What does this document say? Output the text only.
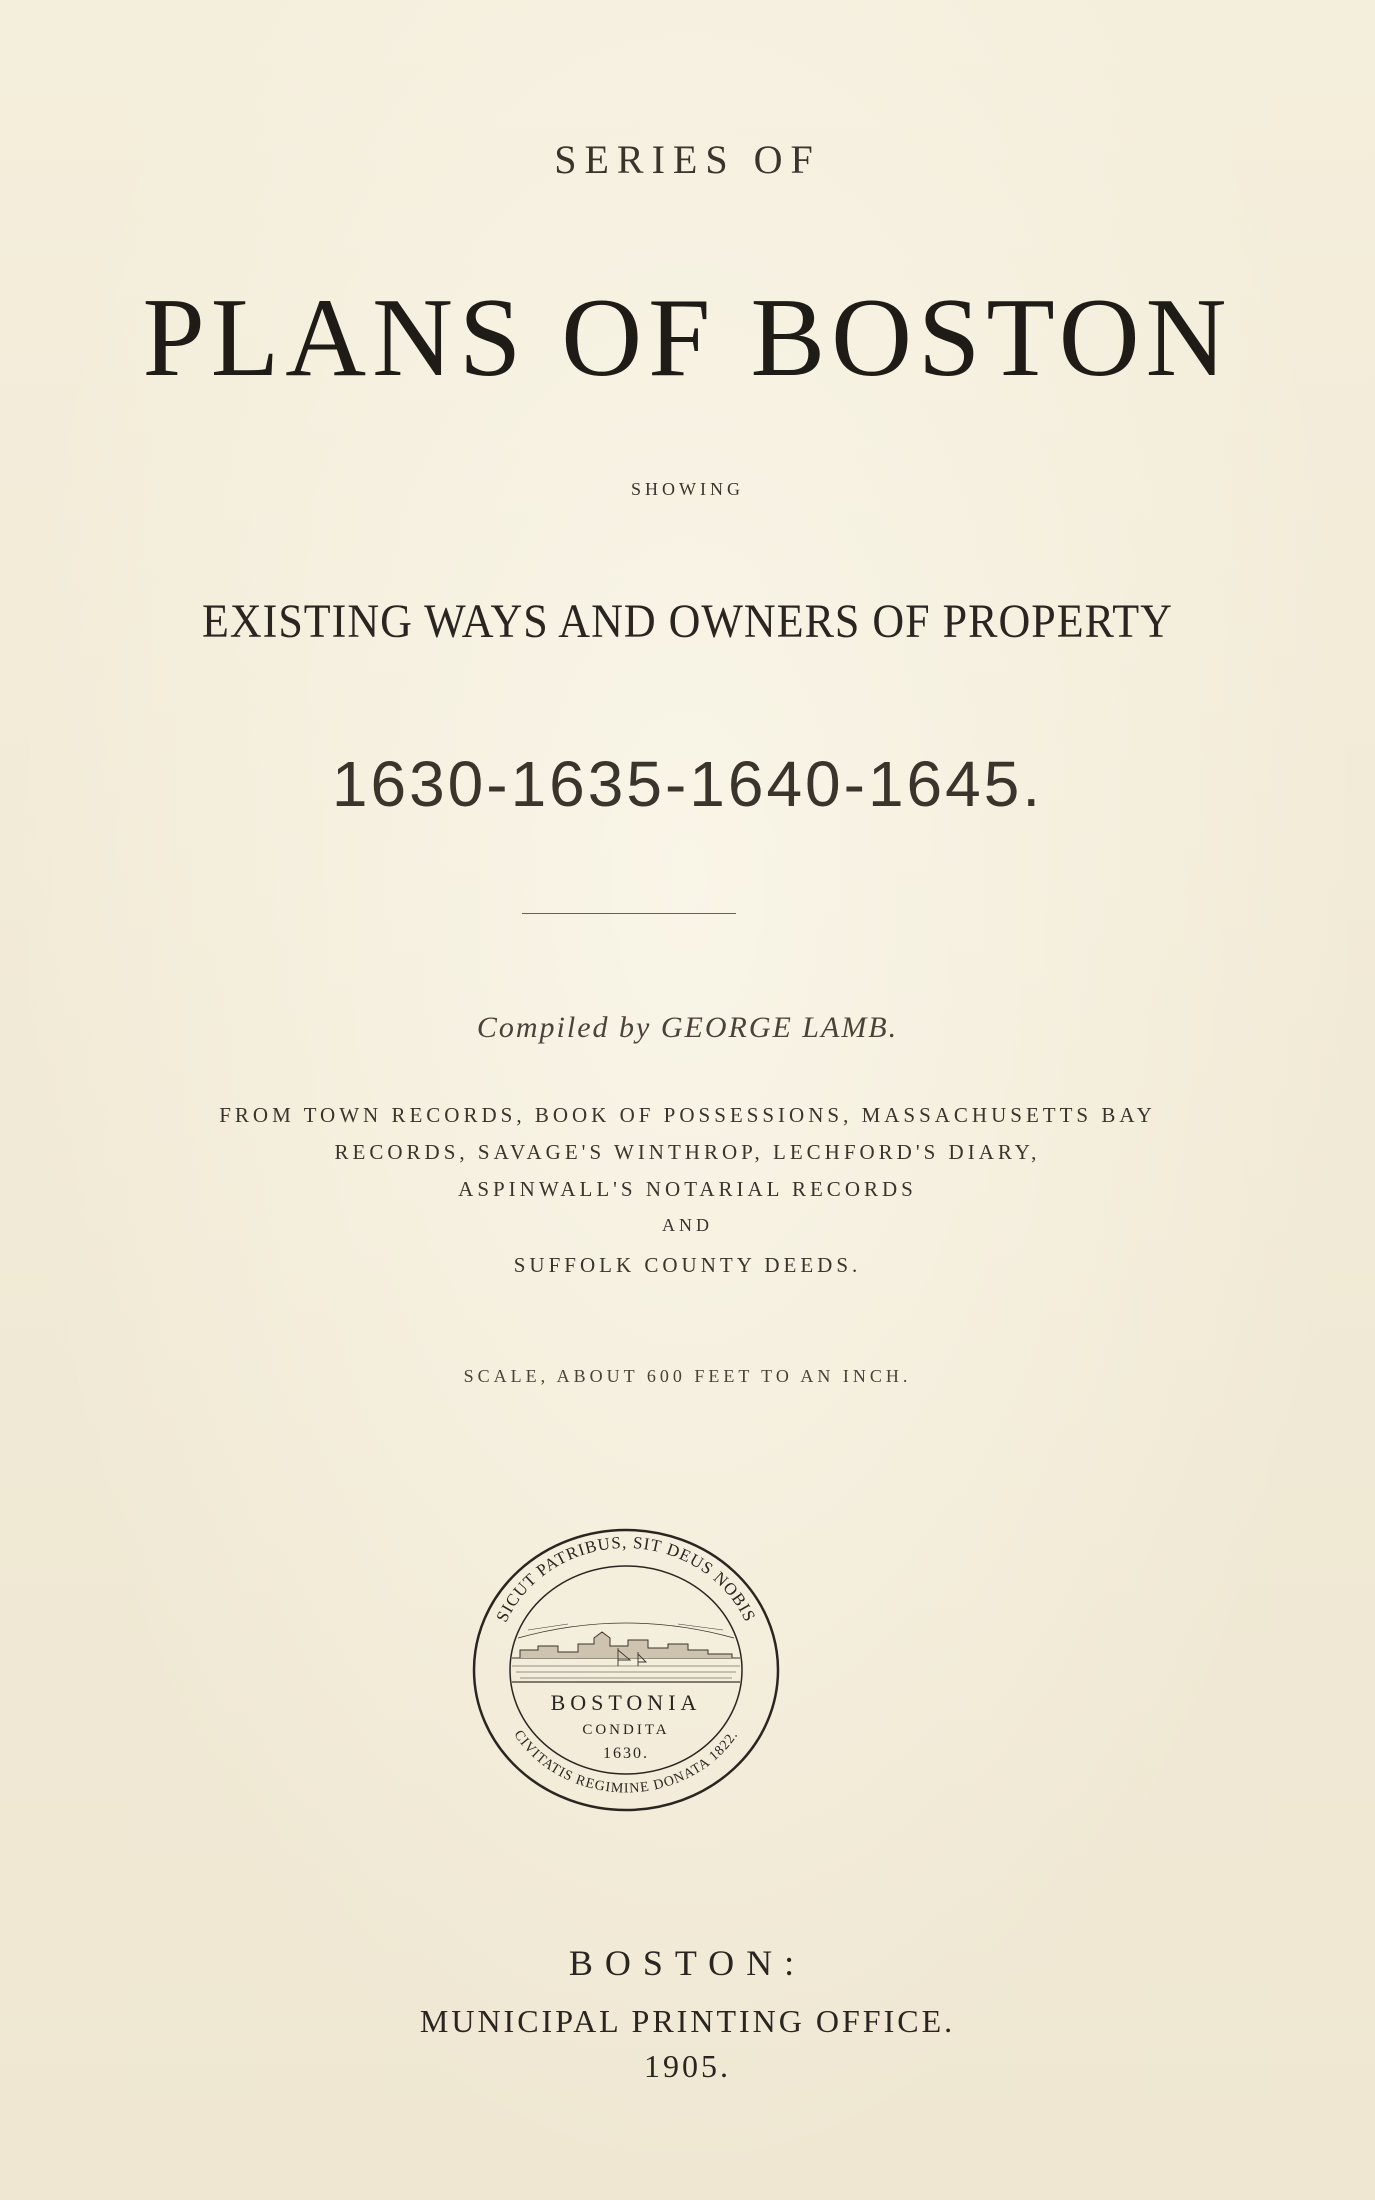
SERIES OF
PLANS OF BOSTON
SHOWING
EXISTING WAYS AND OWNERS OF PROPERTY
1630-1635-1640-1645.
Compiled by GEORGE LAMB.
FROM TOWN RECORDS, BOOK OF POSSESSIONS, MASSACHUSETTS BAY
RECORDS, SAVAGE'S WINTHROP, LECHFORD'S DIARY,
ASPINWALL'S NOTARIAL RECORDS
AND
SUFFOLK COUNTY DEEDS.
SCALE, ABOUT 600 FEET TO AN INCH.
SICUT PATRIBUS, SIT DEUS NOBIS
BOSTONIA
CONDITA
1630.
CIVITATIS REGIMINE DONATA 1822.
BOSTON:
MUNICIPAL PRINTING OFFICE.
1905.
